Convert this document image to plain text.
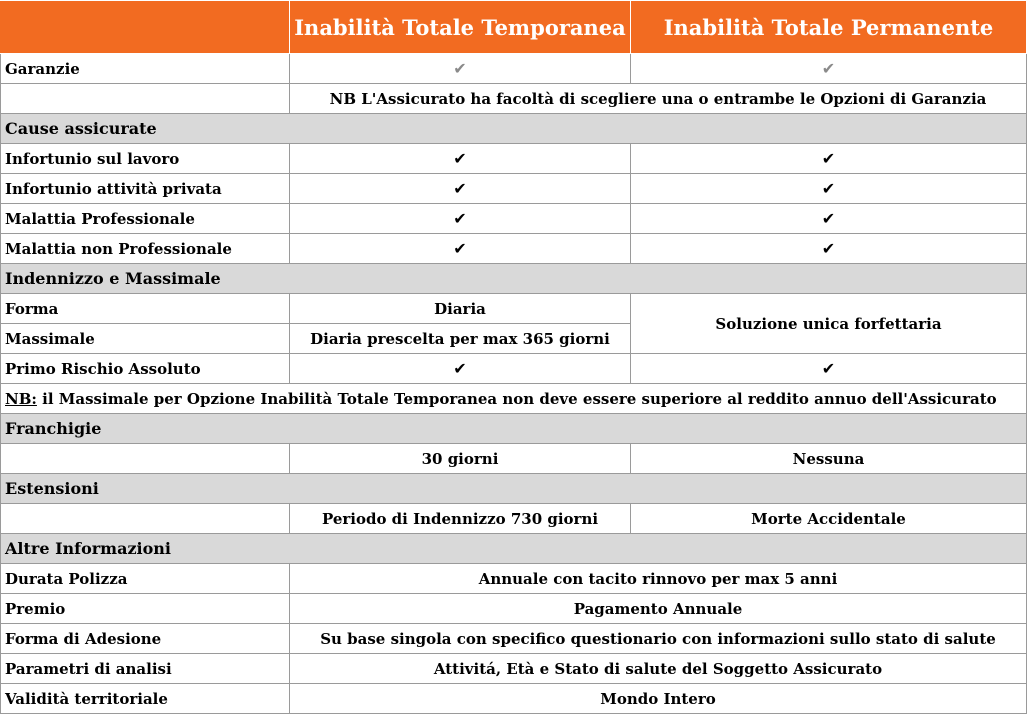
	Inabilità Totale Temporanea	Inabilità Totale Permanente
Garanzie	✔	✔
	NB L'Assicurato ha facoltà di scegliere una o entrambe le Opzioni di Garanzia	
Cause assicurate		
Infortunio sul lavoro	✔	✔
Infortunio attività privata	✔	✔
Malattia Professionale	✔	✔
Malattia non Professionale	✔	✔
Indennizzo e Massimale		
Forma	Diaria	Soluzione unica forfettaria
Massimale	Diaria prescelta per max 365 giorni	
Primo Rischio Assoluto	✔	✔
NB: il Massimale per Opzione Inabilità Totale Temporanea non deve essere superiore al reddito annuo dell'Assicurato		
Franchigie		
	30 giorni	Nessuna
Estensioni		
	Periodo di Indennizzo 730 giorni	Morte Accidentale
Altre Informazioni		
Durata Polizza	Annuale con tacito rinnovo per max 5 anni	
Premio	Pagamento Annuale	
Forma di Adesione	Su base singola con specifico questionario con informazioni sullo stato di salute	
Parametri di analisi	Attivitá, Età e Stato di salute del Soggetto Assicurato	
Validità territoriale	Mondo Intero	
